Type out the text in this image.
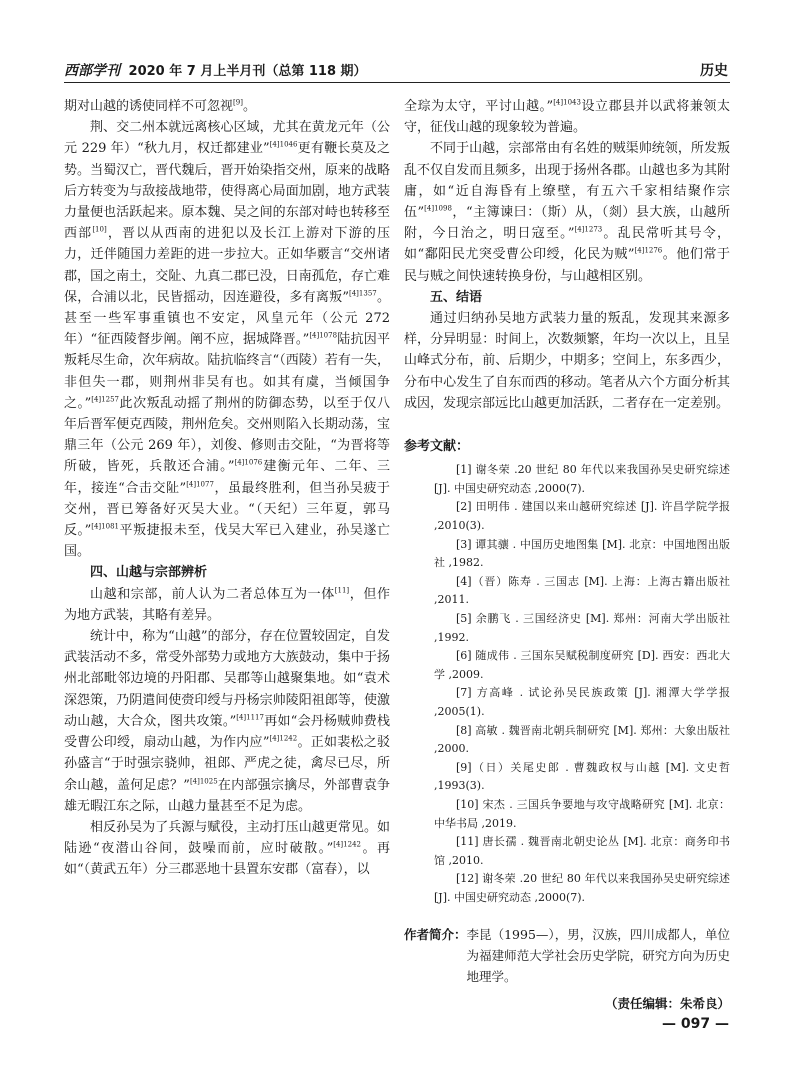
西部学刊 2020 年 7 月上半月刊（总第 118 期）	历史

期对山越的诱使同样不可忽视[9]。

荆、交二州本就远离核心区域，尤其在黄龙元年（公元 229 年）“秋九月，权迁都建业”$^{[4]1046}$更有鞭长莫及之势。当蜀汉亡，晋代魏后，晋开始染指交州，原来的战略后方转变为与敌接战地带，使得离心局面加剧，地方武装力量便也活跃起来。原本魏、吴之间的东部对峙也转移至西部[10]，晋以从西南的进犯以及长江上游对下游的压力，迁伴随国力差距的进一步拉大。正如华覈言“交州诸郡，国之南土，交阯、九真二郡已没，日南孤危，存亡难保，合浦以北，民皆摇动，因连避役，多有离叛”$^{[4]1357}$。甚至一些军事重镇也不安定，风皇元年（公元 272 年）“征西陵督步阐。阐不应，据城降晋。”$^{[4]1078}$陆抗因平叛耗尽生命，次年病故。陆抗临终言“（西陵）若有一失，非但失一郡，则荆州非吴有也。如其有虞，当倾国争之。”$^{[4]1257}$此次叛乱动摇了荆州的防御态势，以至于仅八年后晋军便克西陵，荆州危矣。交州则陷入长期动荡，宝鼎三年（公元 269 年），刘俊、修则击交阯，“为晋将等所破，皆死，兵散还合浦。”$^{[4]1076}$建衡元年、二年、三年，接连“合击交阯”$^{[4]1077}$，虽最终胜利，但当孙吴疲于交州，晋已筹备好灭吴大业。“（天纪）三年夏，郭马反。”$^{[4]1081}$平叛捷报未至，伐吴大军已入建业，孙吴遂亡国。

四、山越与宗部辨析

山越和宗部，前人认为二者总体互为一体[11]，但作为地方武装，其略有差异。

统计中，称为“山越”的部分，存在位置较固定，自发武装活动不多，常受外部势力或地方大族鼓动，集中于扬州北部毗邻边境的丹阳郡、吴郡等山越聚集地。如“袁术深怨策，乃阴遣间使赍印绶与丹杨宗帅陵阳祖郎等，使激动山越，大合众，图共攻策。”$^{[4]1117}$再如“会丹杨贼帅费栈受曹公印绶，扇动山越，为作内应”$^{[4]1242}$。正如裴松之驳孙盛言“于时强宗骁帅，祖郎、严虎之徒，禽尽已尽，所余山越，盖何足虑？”$^{[4]1025}$在内部强宗擒尽，外部曹袁争雄无暇江东之际，山越力量甚至不足为虑。

相反孙吴为了兵源与赋役，主动打压山越更常见。如陆逊“夜潜山谷间，鼓噪而前，应时破散。”$^{[4]1242}$。再如“（黄武五年）分三郡恶地十县置东安郡（富春），以

全琮为太守，平讨山越。”$^{[4]1043}$设立郡县并以武将兼领太守，征伐山越的现象较为普遍。

不同于山越，宗部常由有名姓的贼渠帅统领，所发叛乱不仅自发而且频多，出现于扬州各郡。山越也多为其附庸，如“近自海昏有上缭壁，有五六千家相结聚作宗伍”$^{[4]1098}$，“主簿谏曰：（斯）从，（剡）县大族，山越所附，今日治之，明日寇至。”$^{[4]1273}$。乱民常听其号令，如“鄱阳民尤突受曹公印绶，化民为贼”$^{[4]1276}$。他们常于民与贼之间快速转换身份，与山越相区别。

五、结语

通过归纳孙吴地方武装力量的叛乱，发现其来源多样，分异明显：时间上，次数频繁，年均一次以上，且呈山峰式分布，前、后期少，中期多；空间上，东多西少，分布中心发生了自东而西的移动。笔者从六个方面分析其成因，发现宗部远比山越更加活跃，二者存在一定差别。

参考文献：

[1] 谢冬荣 .20 世纪 80 年代以来我国孙吴史研究综述 [J]. 中国史研究动态 ,2000(7).

[2] 田明伟 . 建国以来山越研究综述 [J]. 许昌学院学报 ,2010(3).

[3] 谭其骧 . 中国历史地图集 [M]. 北京：中国地图出版社 ,1982.

[4]（晋）陈寿 . 三国志 [M]. 上海：上海古籍出版社 ,2011.

[5] 余鹏飞 . 三国经济史 [M]. 郑州：河南大学出版社 ,1992.

[6] 随成伟 . 三国东吴赋税制度研究 [D]. 西安：西北大学 ,2009.

[7] 方高峰 . 试论孙吴民族政策 [J]. 湘潭大学学报 ,2005(1).

[8] 高敏 . 魏晋南北朝兵制研究 [M]. 郑州：大象出版社 ,2000.

[9]（日）关尾史郎 . 曹魏政权与山越 [M]. 文史哲 ,1993(3).

[10] 宋杰 . 三国兵争要地与攻守战略研究 [M]. 北京：中华书局 ,2019.

[11] 唐长孺 . 魏晋南北朝史论丛 [M]. 北京：商务印书馆 ,2010.

[12] 谢冬荣 .20 世纪 80 年代以来我国孙吴史研究综述 [J]. 中国史研究动态 ,2000(7).

作者简介： 李昆（1995—），男，汉族，四川成都人，单位为福建师范大学社会历史学院，研究方向为历史地理学。
（责任编辑：朱希良）
— 097 —
